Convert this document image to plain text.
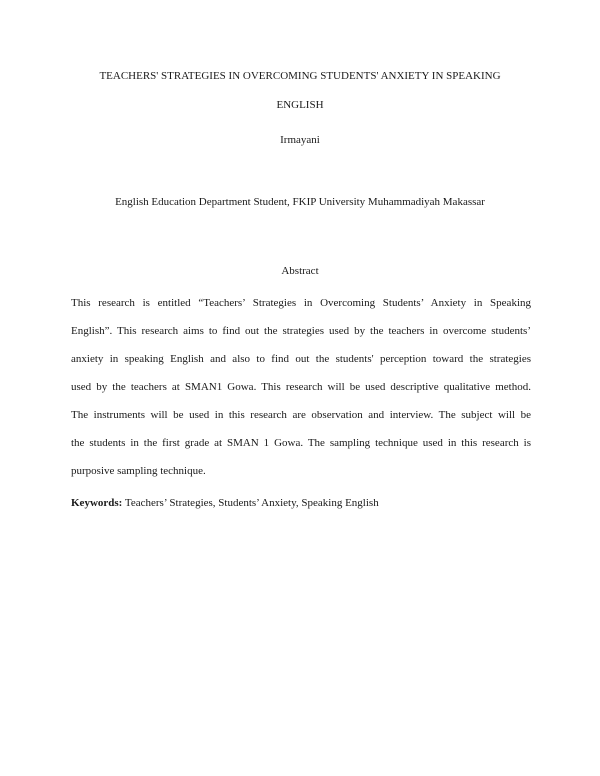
TEACHERS' STRATEGIES IN OVERCOMING STUDENTS' ANXIETY IN SPEAKING
ENGLISH
Irmayani
English Education Department Student, FKIP University Muhammadiyah Makassar
Abstract
This research is entitled “Teachers’ Strategies in Overcoming Students’ Anxiety in Speaking
English”. This research aims to find out the strategies used by the teachers in overcome students’
anxiety in speaking English and also to find out the students' perception toward the strategies
used by the teachers at SMAN1 Gowa. This research will be used descriptive qualitative method.
The instruments will be used in this research are observation and interview. The subject will be
the students in the first grade at SMAN 1 Gowa. The sampling technique used in this research is
purposive sampling technique.
Keywords: Teachers’ Strategies, Students’ Anxiety, Speaking English
